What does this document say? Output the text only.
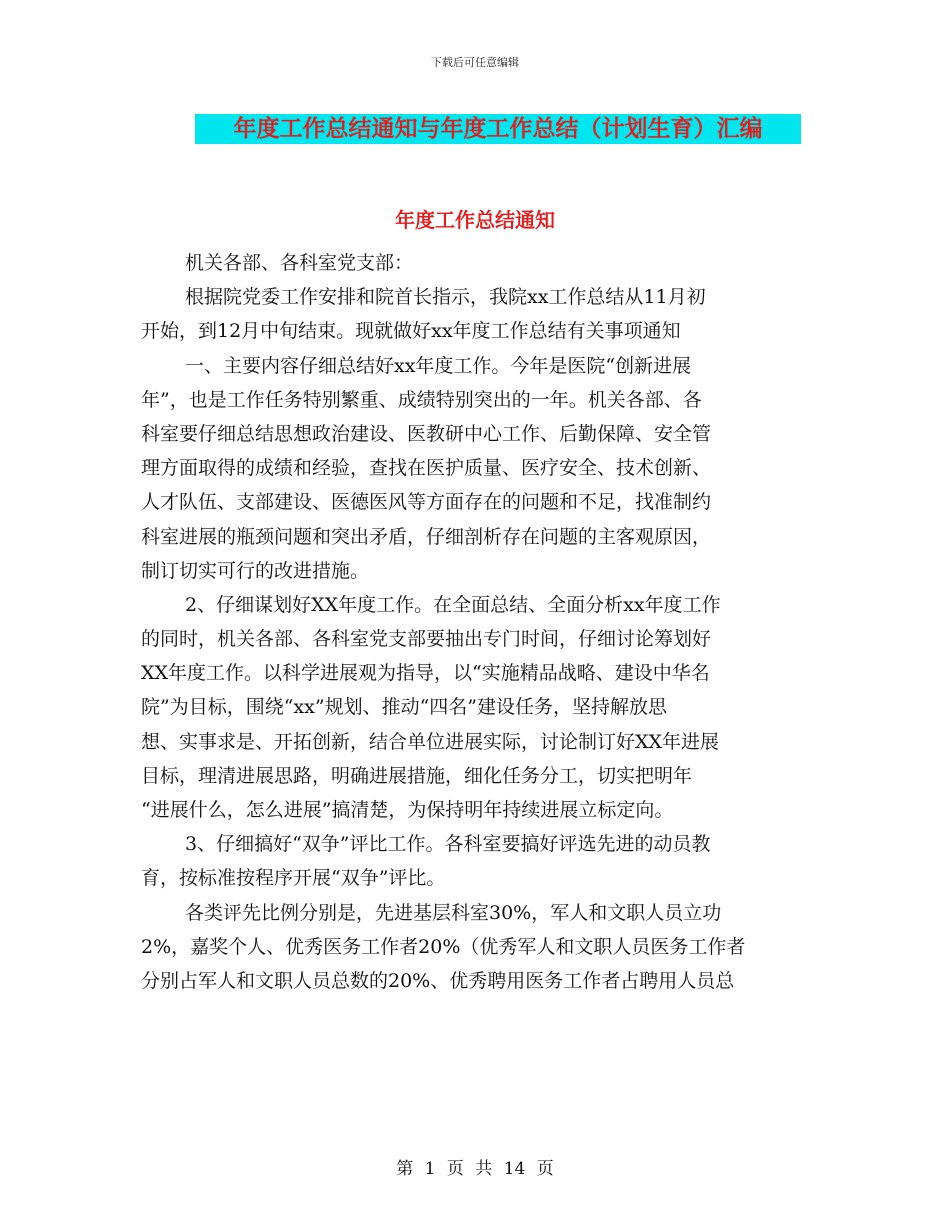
下载后可任意编辑
年度工作总结通知与年度工作总结（计划生育）汇编
年度工作总结通知
机关各部、各科室党支部：
根据院党委工作安排和院首长指示，我院xx工作总结从11月初
开始，到12月中旬结束。现就做好xx年度工作总结有关事项通知
一、主要内容仔细总结好xx年度工作。今年是医院“创新进展
年”，也是工作任务特别繁重、成绩特别突出的一年。机关各部、各
科室要仔细总结思想政治建设、医教研中心工作、后勤保障、安全管
理方面取得的成绩和经验，查找在医护质量、医疗安全、技术创新、
人才队伍、支部建设、医德医风等方面存在的问题和不足，找准制约
科室进展的瓶颈问题和突出矛盾，仔细剖析存在问题的主客观原因，
制订切实可行的改进措施。
2、仔细谋划好XX年度工作。在全面总结、全面分析xx年度工作
的同时，机关各部、各科室党支部要抽出专门时间，仔细讨论筹划好
XX年度工作。以科学进展观为指导，以“实施精品战略、建设中华名
院”为目标，围绕“xx”规划、推动“四名”建设任务，坚持解放思
想、实事求是、开拓创新，结合单位进展实际，讨论制订好XX年进展
目标，理清进展思路，明确进展措施，细化任务分工，切实把明年
“进展什么，怎么进展”搞清楚，为保持明年持续进展立标定向。
3、仔细搞好“双争”评比工作。各科室要搞好评选先进的动员教
育，按标准按程序开展“双争”评比。
各类评先比例分别是，先进基层科室30%，军人和文职人员立功
2%，嘉奖个人、优秀医务工作者20%（优秀军人和文职人员医务工作者
分别占军人和文职人员总数的20%、优秀聘用医务工作者占聘用人员总
第 1 页 共 14 页
